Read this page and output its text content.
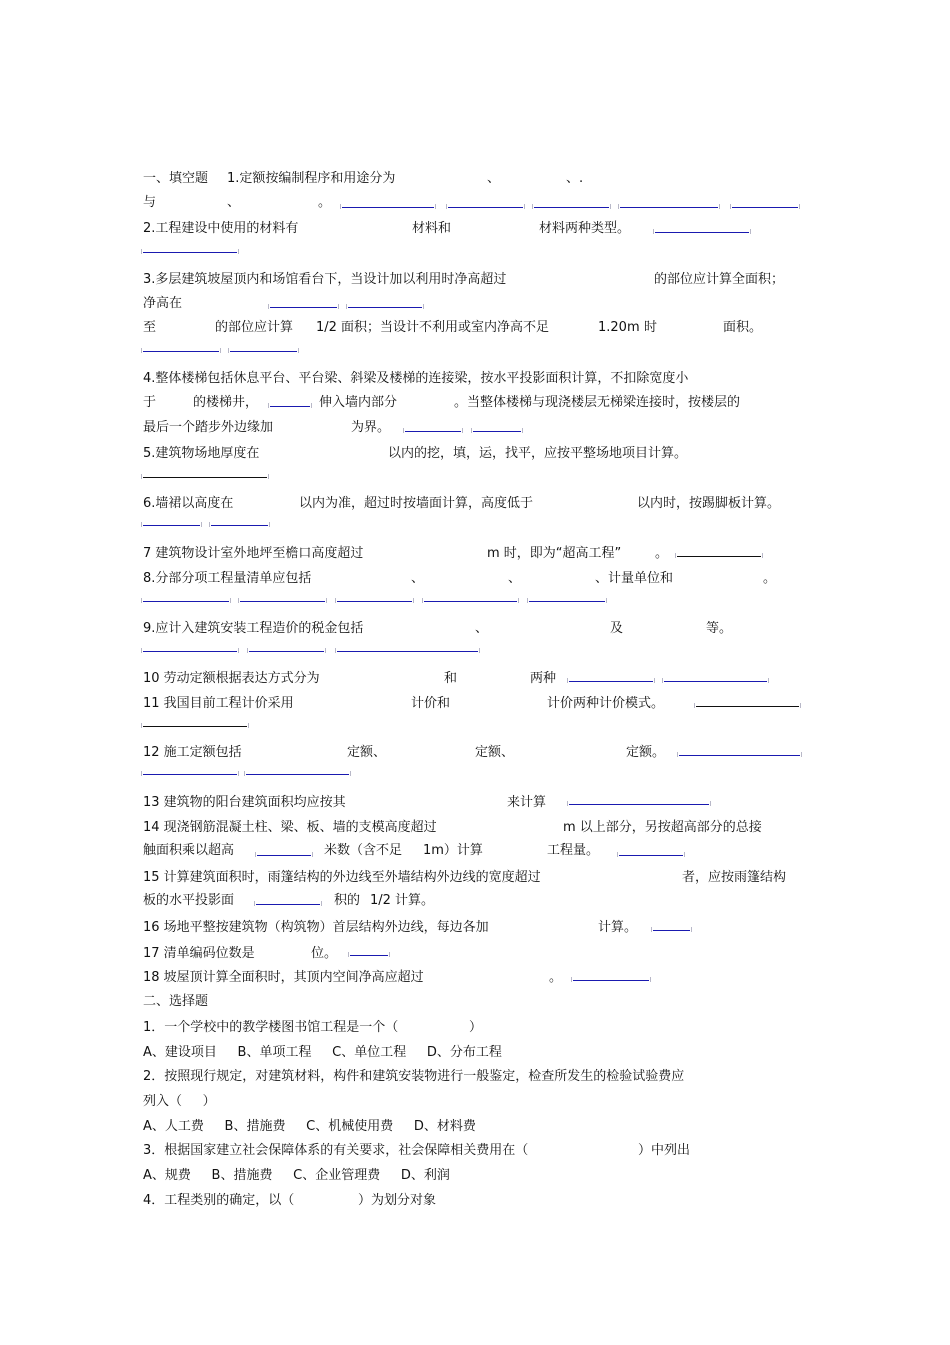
一、填空题 1.定额按编制程序和用途分为	、	、.
与	、	。
2.工程建设中使用的材料有	材料和	材料两种类型。
3.多层建筑坡屋顶内和场馆看台下，当设计加以利用时净高超过	的部位应计算全面积；
净高在
至	的部位应计算 1/2 面积；当设计不利用或室内净高不足	1.20m 时	面积。
4.整体楼梯包括休息平台、平台梁、斜梁及楼梯的连接梁，按水平投影面积计算，不扣除宽度小
于	的楼梯井，	伸入墙内部分	。当整体楼梯与现浇楼层无梯梁连接时，按楼层的
最后一个踏步外边缘加	为界。
5.建筑物场地厚度在	以内的挖，填，运，找平，应按平整场地项目计算。
6.墙裙以高度在	以内为准，超过时按墙面计算，高度低于	以内时，按踢脚板计算。
7 建筑物设计室外地坪至檐口高度超过	m 时，即为“超高工程”	。
8.分部分项工程量清单应包括	、	、	、计量单位和	。
9.应计入建筑安装工程造价的税金包括	、	及	等。
10 劳动定额根据表达方式分为	和	两种
11 我国目前工程计价采用	计价和	计价两种计价模式。
12 施工定额包括	定额、	定额、	定额。
13 建筑物的阳台建筑面积均应按其	来计算
14 现浇钢筋混凝土柱、梁、板、墙的支模高度超过	m 以上部分，另按超高部分的总接
触面积乘以超高	米数（含不足 1m）计算	工程量。
15 计算建筑面积时，雨篷结构的外边线至外墙结构外边线的宽度超过	者，应按雨篷结构
板的水平投影面	积的 1/2 计算。
16 场地平整按建筑物（构筑物）首层结构外边线，每边各加	计算。
17 清单编码位数是	位。
18 坡屋顶计算全面积时，其顶内空间净高应超过	。
二、选择题
1．一个学校中的教学楼图书馆工程是一个（	）
A、建设项目     B、单项工程     C、单位工程     D、分布工程
2．按照现行规定，对建筑材料，构件和建筑安装物进行一般鉴定，检查所发生的检验试验费应
列入（     ）
A、人工费     B、措施费     C、机械使用费     D、材料费
3．根据国家建立社会保障体系的有关要求，社会保障相关费用在（	）中列出
A、规费     B、措施费     C、企业管理费     D、利润
4．工程类别的确定，以（	）为划分对象
